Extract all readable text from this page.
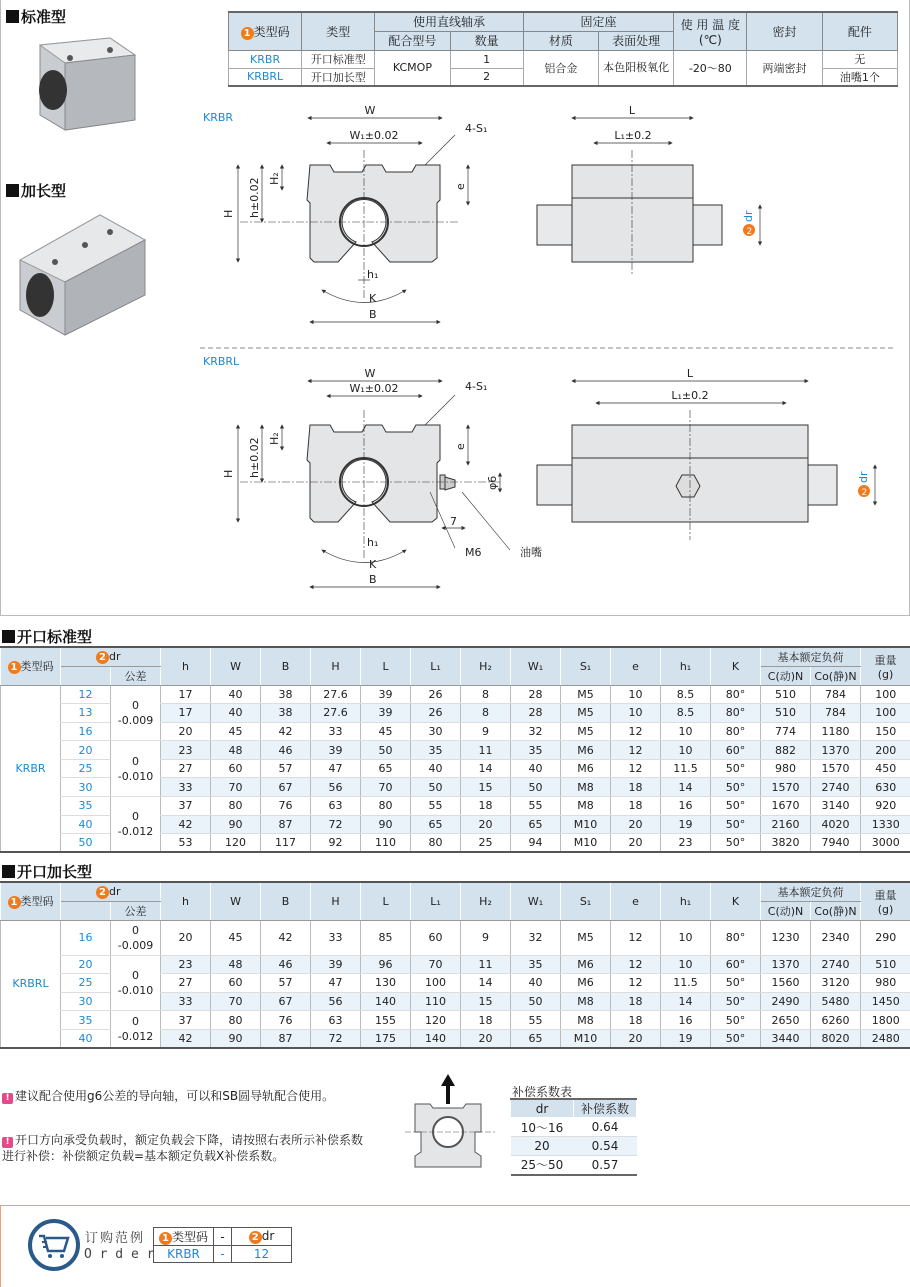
标准型
加长型
1 类型码	类型	使用直线轴承		固定座		使 用 温 度
(℃)	密封	配件
		配合型号	数量	材质	表面处理			
KRBR	开口标准型	KCMOP	1	铝合金	本色阳极氧化	-20～80	两端密封	无
KRBRL	开口加长型		2					油嘴1个
KRBR
W
W₁±0.02
4-S₁
H h±0.02 H₂
e
h₁
K
B
L
L₁±0.2
2
dr
KRBRL
W
W₁±0.02	4-S₁
H h±0.02 H₂
e
φ6
7
M6	油嘴
h₁
K
B
L
L₁±0.2
2
dr
开口标准型
开口加长型
1 类型码	2 dr		h	W	B	H	L	L₁	H₂	W₁	S₁	e	h₁	K	基本额定负荷		重量
(g)

		公差													C(动)N	Co(静)N	
KRBR	12	0
-0.009	17	40	38	27.6	39	26	8	28	M5	10	8.5	80°	510	784	100
	13		17	40	38	27.6	39	26	8	28	M5	10	8.5	80°	510	784	100
	16		20	45	42	33	45	30	9	32	M5	12	10	80°	774	1180	150
	20	0
-0.010	23	48	46	39	50	35	11	35	M6	12	10	60°	882	1370	200
	25		27	60	57	47	65	40	14	40	M6	12	11.5	50°	980	1570	450
	30		33	70	67	56	70	50	15	50	M8	18	14	50°	1570	2740	630
	35	0
-0.012	37	80	76	63	80	55	18	55	M8	18	16	50°	1670	3140	920
	40		42	90	87	72	90	65	20	65	M10	20	19	50°	2160	4020	1330
	50		53	120	117	92	110	80	25	94	M10	20	23	50°	3820	7940	3000
1 类型码	2 dr		h	W	B	H	L	L₁	H₂	W₁	S₁	e	h₁	K	基本额定负荷		重量
(g)

		公差													C(动)N	Co(静)N	
KRBRL	16	0
-0.009	20	45	42	33	85	60	9	32	M5	12	10	80°	1230	2340	290
	20	0
-0.010	23	48	46	39	96	70	11	35	M6	12	10	60°	1370	2740	510
	25		27	60	57	47	130	100	14	40	M6	12	11.5	50°	1560	3120	980
	30		33	70	67	56	140	110	15	50	M8	18	14	50°	2490	5480	1450
	35	0
-0.012	37	80	76	63	155	120	18	55	M8	18	16	50°	2650	6260	1800
	40		42	90	87	72	175	140	20	65	M10	20	19	50°	3440	8020	2480
! 建议配合使用g6公差的导向轴，可以和SB圆导轨配合使用。
! 开口方向承受负载时，额定负载会下降，请按照右表所示补偿系数进行补偿：补偿额定负载=基本额定负载X补偿系数。
补偿系数表
dr	补偿系数
10～16	0.64
20	0.54
25～50	0.57
订购范例
O r d e r
1 类型码	-	2 dr
KRBR	-	12
